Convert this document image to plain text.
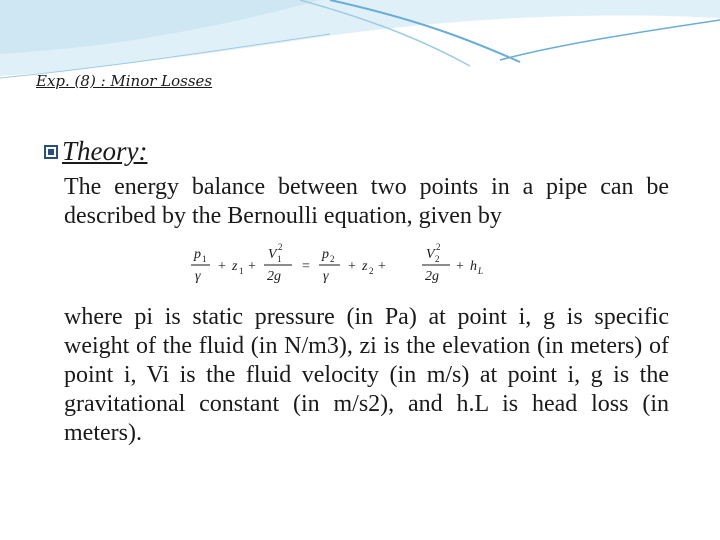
Exp. (8) : Minor Losses
Theory:
The energy balance between two points in a pipe can be described by the Bernoulli equation, given by
p 1
γ
+ z 1 +
V 2
1
2g
=
p 2
γ
+ z 2 +
V 2
2
2g
+ h L
where pi is static pressure (in Pa) at point i, g is specific weight of the fluid (in N/m3), zi is the elevation (in meters) of point i, Vi is the fluid velocity (in m/s) at point i, g is the gravitational constant (in m/s2), and h.L is head loss (in meters).
